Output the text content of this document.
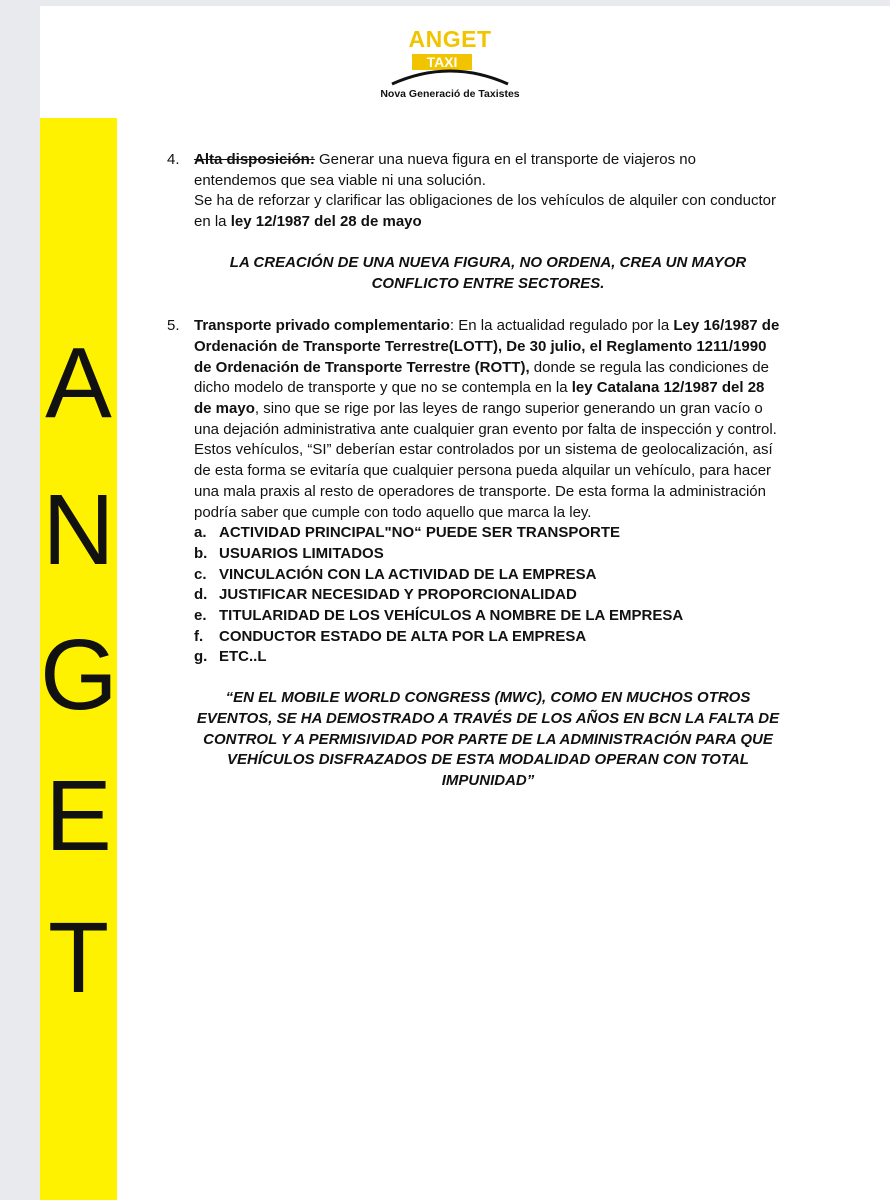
ANGET
TAXI
Nova Generació de Taxistes
A
N
G
E
T
4. Alta disposición: Generar una nueva figura en el transporte de viajeros no entendemos que sea viable ni una solución.

Se ha de reforzar y clarificar las obligaciones de los vehículos de alquiler con conductor en la ley 12/1987 del 28 de mayo

LA CREACIÓN DE UNA NUEVA FIGURA, NO ORDENA, CREA UN MAYOR CONFLICTO ENTRE SECTORES.

5. Transporte privado complementario: En la actualidad regulado por la Ley 16/1987 de Ordenación de Transporte Terrestre(LOTT), De 30 julio, el Reglamento 1211/1990 de Ordenación de Transporte Terrestre (ROTT), donde se regula las condiciones de dicho modelo de transporte y que no se contempla en la ley Catalana 12/1987 del 28 de mayo, sino que se rige por las leyes de rango superior generando un gran vacío o una dejación administrativa ante cualquier gran evento por falta de inspección y control.

Estos vehículos, “SI” deberían estar controlados por un sistema de geolocalización, así de esta forma se evitaría que cualquier persona pueda alquilar un vehículo, para hacer una mala praxis al resto de operadores de transporte. De esta forma la administración podría saber que cumple con todo aquello que marca la ley.

a. ACTIVIDAD PRINCIPAL"NO“ PUEDE SER TRANSPORTE
b. USUARIOS LIMITADOS
c. VINCULACIÓN CON LA ACTIVIDAD DE LA EMPRESA
d. JUSTIFICAR NECESIDAD Y PROPORCIONALIDAD
e. TITULARIDAD DE LOS VEHÍCULOS A NOMBRE DE LA EMPRESA
f. CONDUCTOR ESTADO DE ALTA POR LA EMPRESA
g. ETC..L

“EN EL MOBILE WORLD CONGRESS (MWC), COMO EN MUCHOS OTROS EVENTOS, SE HA DEMOSTRADO A TRAVÉS DE LOS AÑOS EN BCN LA FALTA DE CONTROL Y A PERMISIVIDAD POR PARTE DE LA ADMINISTRACIÓN PARA QUE VEHÍCULOS DISFRAZADOS DE ESTA MODALIDAD OPERAN CON TOTAL IMPUNIDAD”
